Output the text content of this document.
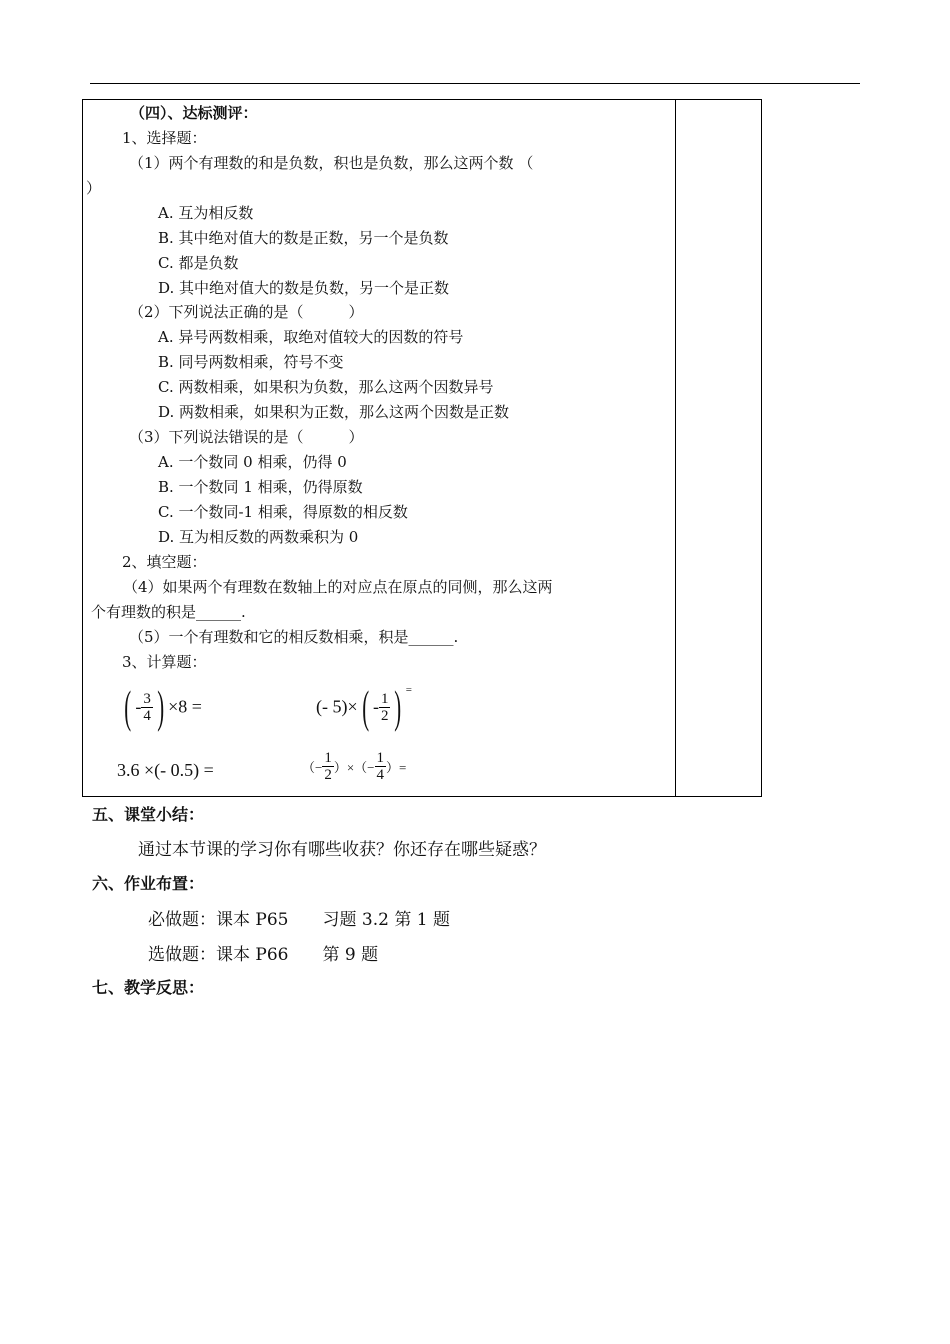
（四）、达标测评：
1、选择题：
（1）两个有理数的和是负数，积也是负数，那么这两个数 （
）
A. 互为相反数
B. 其中绝对值大的数是正数，另一个是负数
C. 都是负数
D. 其中绝对值大的数是负数，另一个是正数
（2）下列说法正确的是（　　　）
A. 异号两数相乘，取绝对值较大的因数的符号
B. 同号两数相乘，符号不变
C. 两数相乘，如果积为负数，那么这两个因数异号
D. 两数相乘，如果积为正数，那么这两个因数是正数
（3）下列说法错误的是（　　　）
A. 一个数同 0 相乘，仍得 0
B. 一个数同 1 相乘，仍得原数
C. 一个数同-1 相乘，得原数的相反数
D. 互为相反数的两数乘积为 0
2、填空题：
（4）如果两个有理数在数轴上的对应点在原点的同侧，那么这两
个有理数的积是______.
（5）一个有理数和它的相反数相乘，积是______.
3、计算题：
( - $\frac{3}{4}$ ) ×8 =	(- $5)\times( - \frac{1}{2}$ ) =
3.6 ×(- 0.5) =	（− $\frac{1}{2}$ ）×（− $\frac{1}{4}$ ）=
五、课堂小结：
通过本节课的学习你有哪些收获？你还存在哪些疑惑？
六、作业布置：
必做题：课本 P65　　习题 3.2 第 1 题
选做题：课本 P66　　第 9 题
七、教学反思：
